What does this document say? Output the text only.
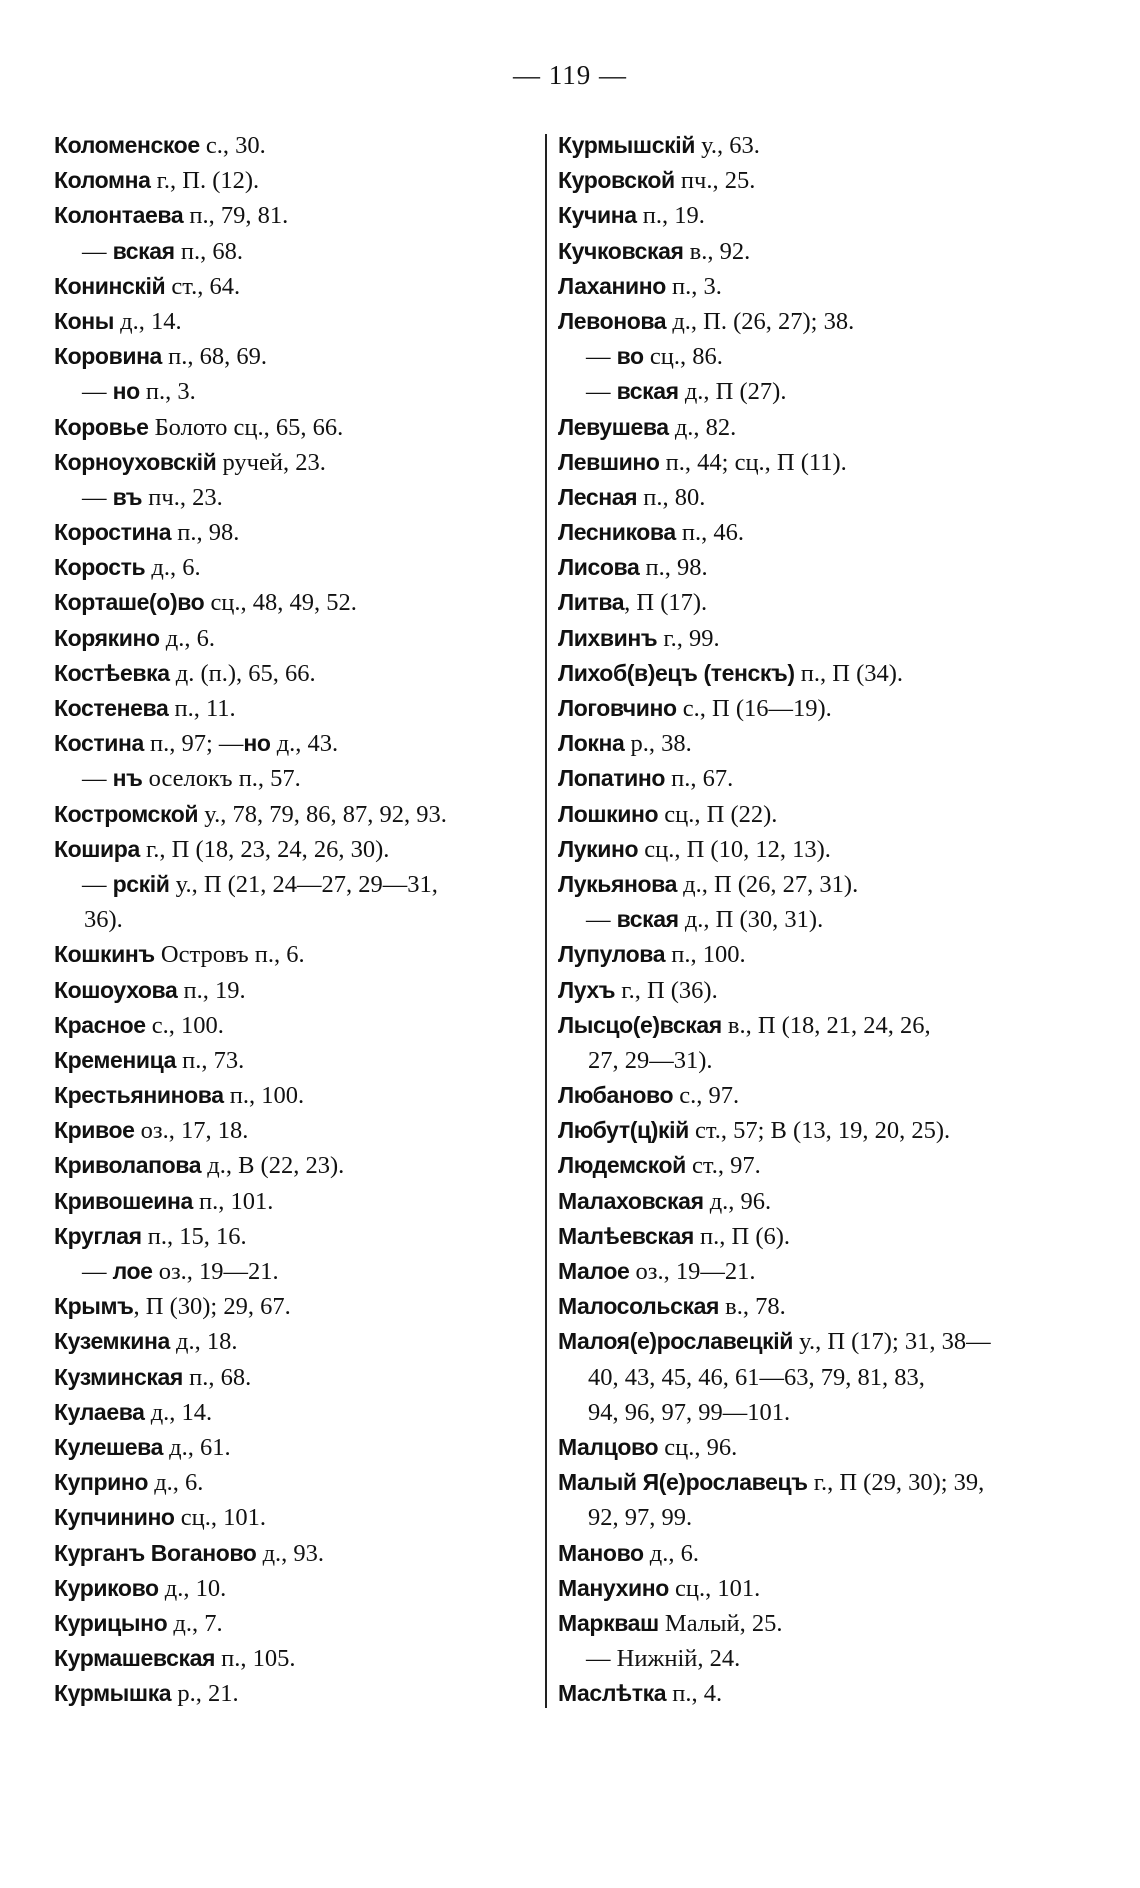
— 119 —
Коломенское с., 30.
Коломна г., П. (12).
Колонтаева п., 79, 81.
— вская п., 68.
Конинскій ст., 64.
Коны д., 14.
Коровина п., 68, 69.
— но п., 3.
Коровье Болото сц., 65, 66.
Корноуховскій ручей, 23.
— въ пч., 23.
Коростина п., 98.
Корость д., 6.
Корташе(о)во сц., 48, 49, 52.
Корякино д., 6.
Костѣевка д. (п.), 65, 66.
Костенева п., 11.
Костина п., 97; —но д., 43.
— нъ оселокъ п., 57.
Костромской у., 78, 79, 86, 87, 92, 93.
Кошира г., П (18, 23, 24, 26, 30).
— рскій у., П (21, 24—27, 29—31,
36).
Кошкинъ Островъ п., 6.
Кошоухова п., 19.
Красное с., 100.
Кременица п., 73.
Крестьянинова п., 100.
Кривое оз., 17, 18.
Криволапова д., В (22, 23).
Кривошеина п., 101.
Круглая п., 15, 16.
— лое оз., 19—21.
Крымъ, П (30); 29, 67.
Куземкина д., 18.
Кузминская п., 68.
Кулаева д., 14.
Кулешева д., 61.
Куприно д., 6.
Купчинино сц., 101.
Курганъ Воганово д., 93.
Куриково д., 10.
Курицыно д., 7.
Курмашевская п., 105.
Курмышка р., 21.
Курмышскій у., 63.
Куровской пч., 25.
Кучина п., 19.
Кучковская в., 92.
Лаханино п., 3.
Левонова д., П. (26, 27); 38.
— во сц., 86.
— вская д., П (27).
Левушева д., 82.
Левшино п., 44; сц., П (11).
Лесная п., 80.
Лесникова п., 46.
Лисова п., 98.
Литва, П (17).
Лихвинъ г., 99.
Лихоб(в)ецъ (тенскъ) п., П (34).
Логовчино с., П (16—19).
Локна р., 38.
Лопатино п., 67.
Лошкино сц., П (22).
Лукино сц., П (10, 12, 13).
Лукьянова д., П (26, 27, 31).
— вская д., П (30, 31).
Лупулова п., 100.
Лухъ г., П (36).
Лысцо(е)вская в., П (18, 21, 24, 26,
27, 29—31).
Любаново с., 97.
Любут(ц)кій ст., 57; В (13, 19, 20, 25).
Людемской ст., 97.
Малаховская д., 96.
Малѣевская п., П (6).
Малое оз., 19—21.
Малосольская в., 78.
Малоя(е)рославецкій у., П (17); 31, 38—
40, 43, 45, 46, 61—63, 79, 81, 83,
94, 96, 97, 99—101.
Малцово сц., 96.
Малый Я(е)рославецъ г., П (29, 30); 39,
92, 97, 99.
Маново д., 6.
Манухино сц., 101.
Маркваш Малый, 25.
— Нижній, 24.
Маслѣтка п., 4.
